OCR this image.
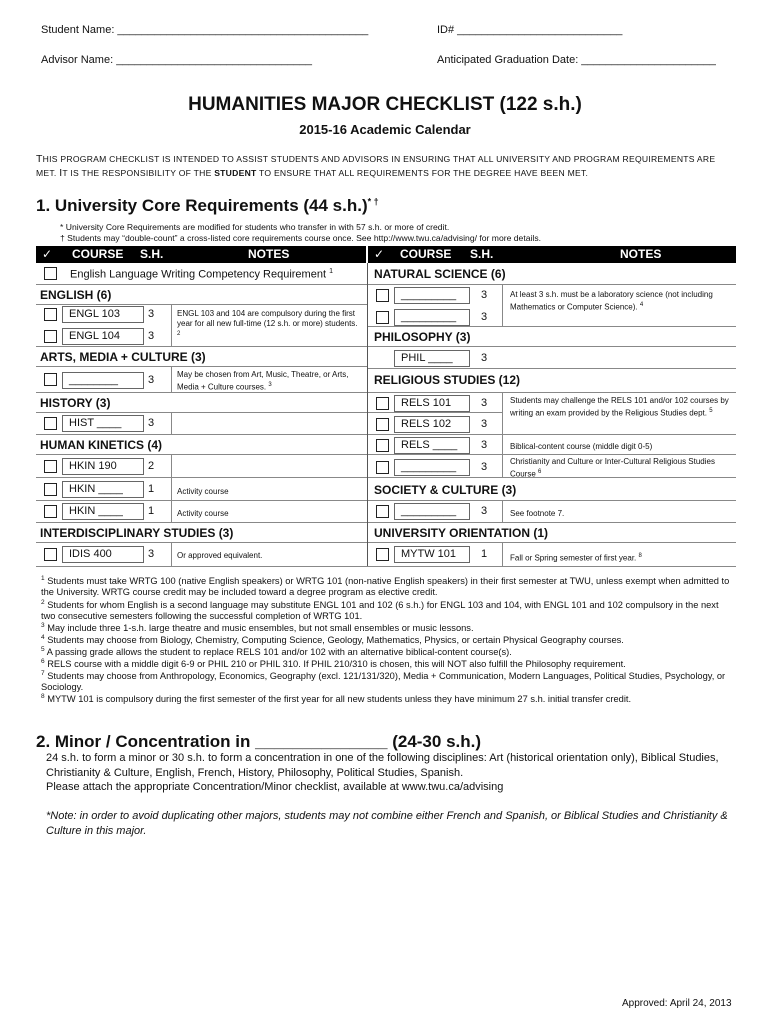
Student Name: _________________________________________	ID# ___________________________
Advisor Name: ________________________________	Anticipated Graduation Date: ______________________
HUMANITIES MAJOR CHECKLIST (122 s.h.)
2015-16 Academic Calendar
THIS PROGRAM CHECKLIST IS INTENDED TO ASSIST STUDENTS AND ADVISORS IN ENSURING THAT ALL UNIVERSITY AND PROGRAM REQUIREMENTS ARE
MET. IT IS THE RESPONSIBILITY OF THE STUDENT TO ENSURE THAT ALL REQUIREMENTS FOR THE DEGREE HAVE BEEN MET.
1. University Core Requirements (44 s.h.)* †
* University Core Requirements are modified for students who transfer in with 57 s.h. or more of credit.
† Students may “double-count” a cross-listed core requirements course once. See http://www.twu.ca/advising/ for more details.
✓ COURSE S.H.	NOTES	✓ COURSE S.H.	NOTES
English Language Writing Competency Requirement $^1$
ENGLISH (6)
ENGL 103	3
ENGL 104	3
ENGL 103 and 104 are compulsory during the first year for all new full-time (12 s.h. or more) students. $^2$
ARTS, MEDIA + CULTURE (3)
________	3	May be chosen from Art, Music, Theatre, or Arts, Media + Culture courses. $^3$
HISTORY (3)
HIST ____	3
HUMAN KINETICS (4)
HKIN 190	2
HKIN ____	1	Activity course
HKIN ____	1	Activity course
INTERDISCIPLINARY STUDIES (3)
IDIS 400	3	Or approved equivalent.
NATURAL SCIENCE (6)
_________	3
_________	3
At least 3 s.h. must be a laboratory science (not including Mathematics or Computer Science). $^4$
PHILOSOPHY (3)
PHIL ____	3
RELIGIOUS STUDIES (12)
RELS 101	3
RELS 102	3
Students may challenge the RELS 101 and/or 102 courses by writing an exam provided by the Religious Studies dept. $^5$
RELS ____	3	Biblical-content course (middle digit 0-5)
_________	3	Christianity and Culture or Inter-Cultural Religious Studies Course $^6$
SOCIETY & CULTURE (3)
_________	3	See footnote 7.
UNIVERSITY ORIENTATION (1)
MYTW 101	1	Fall or Spring semester of first year. $^8$
$^1$ Students must take WRTG 100 (native English speakers) or WRTG 101 (non-native English speakers) in their first semester at TWU, unless exempt when admitted to the University. WRTG course credit may be included toward a degree program as elective credit.
$^2$ Students for whom English is a second language may substitute ENGL 101 and 102 (6 s.h.) for ENGL 103 and 104, with ENGL 101 and 102 compulsory in the next two consecutive semesters following the successful completion of WRTG 101.
$^3$ May include three 1-s.h. large theatre and music ensembles, but not small ensembles or music lessons.
$^4$ Students may choose from Biology, Chemistry, Computing Science, Geology, Mathematics, Physics, or certain Physical Geography courses.
$^5$ A passing grade allows the student to replace RELS 101 and/or 102 with an alternative biblical-content course(s).
$^6$ RELS course with a middle digit 6-9 or PHIL 210 or PHIL 310. If PHIL 210/310 is chosen, this will NOT also fulfill the Philosophy requirement.
$^7$ Students may choose from Anthropology, Economics, Geography (excl. 121/131/320), Media + Communication, Modern Languages, Political Studies, Psychology, or Sociology.
$^8$ MYTW 101 is compulsory during the first semester of the first year for all new students unless they have minimum 27 s.h. initial transfer credit.
2. Minor / Concentration in ______________ (24-30 s.h.)
24 s.h. to form a minor or 30 s.h. to form a concentration in one of the following disciplines: Art (historical orientation only), Biblical Studies, Christianity & Culture, English, French, History, Philosophy, Political Studies, Spanish.
Please attach the appropriate Concentration/Minor checklist, available at www.twu.ca/advising
*Note: in order to avoid duplicating other majors, students may not combine either French and Spanish, or Biblical Studies and Christianity & Culture in this major.
Approved: April 24, 2013
